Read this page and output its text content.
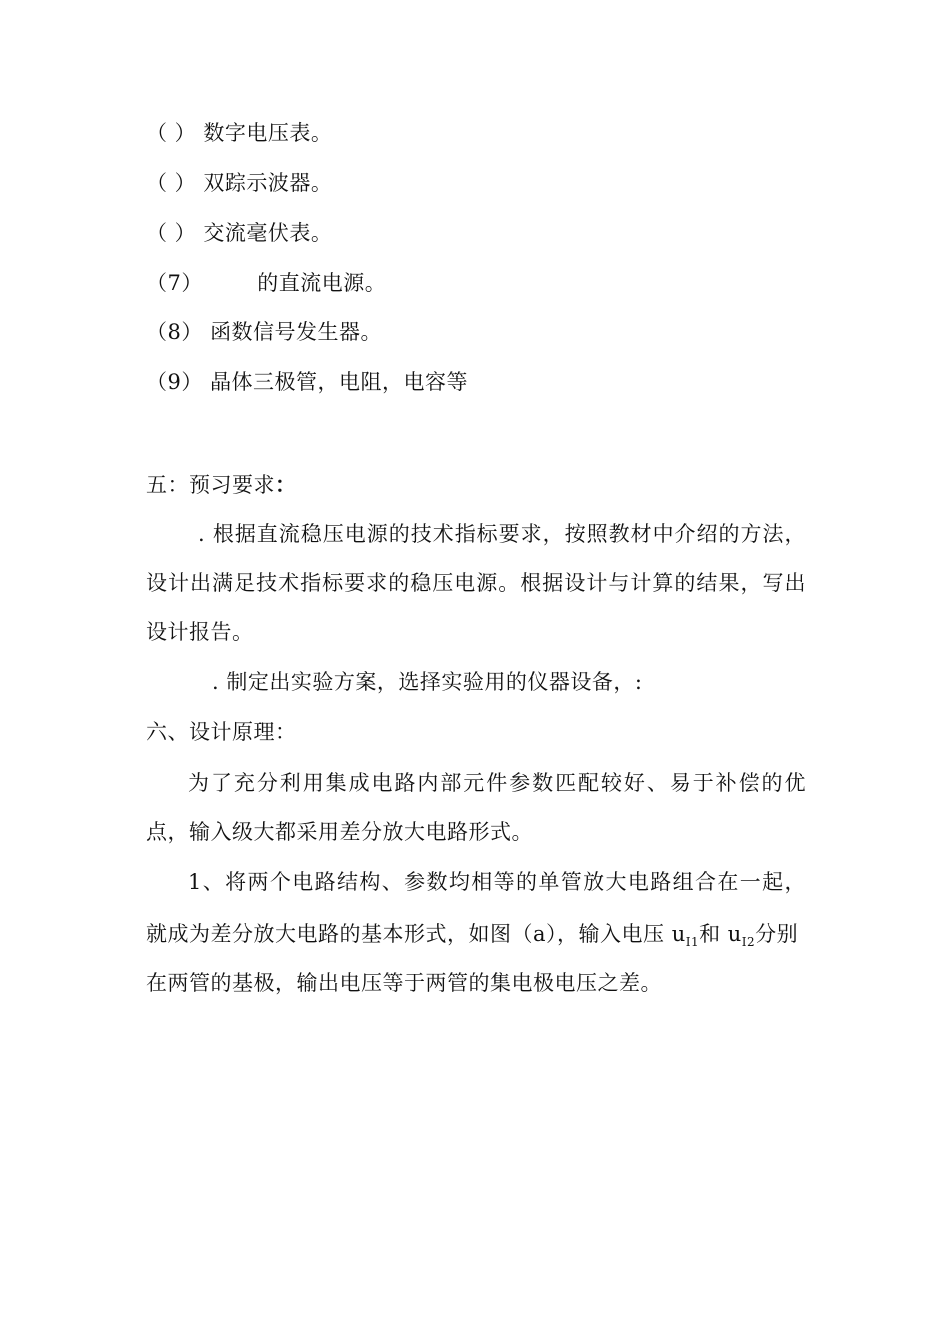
（ ） 数字电压表。
（ ） 双踪示波器。
（ ） 交流毫伏表。
（7）	的直流电源。
（8） 函数信号发生器。
（9） 晶体三极管，电阻，电容等
五：预习要求：
. 根据直流稳压电源的技术指标要求，按照教材中介绍的方法，
设计出满足技术指标要求的稳压电源。根据设计与计算的结果，写出
设计报告。
. 制定出实验方案，选择实验用的仪器设备，:
六、设计原理：
为了充分利用集成电路内部元件参数匹配较好、易于补偿的优
点，输入级大都采用差分放大电路形式。
1、将两个电路结构、参数均相等的单管放大电路组合在一起，
就成为差分放大电路的基本形式，如图（a），输入电压 $u_{I1}$和 $u_{I2}$分别
在两管的基极，输出电压等于两管的集电极电压之差。
